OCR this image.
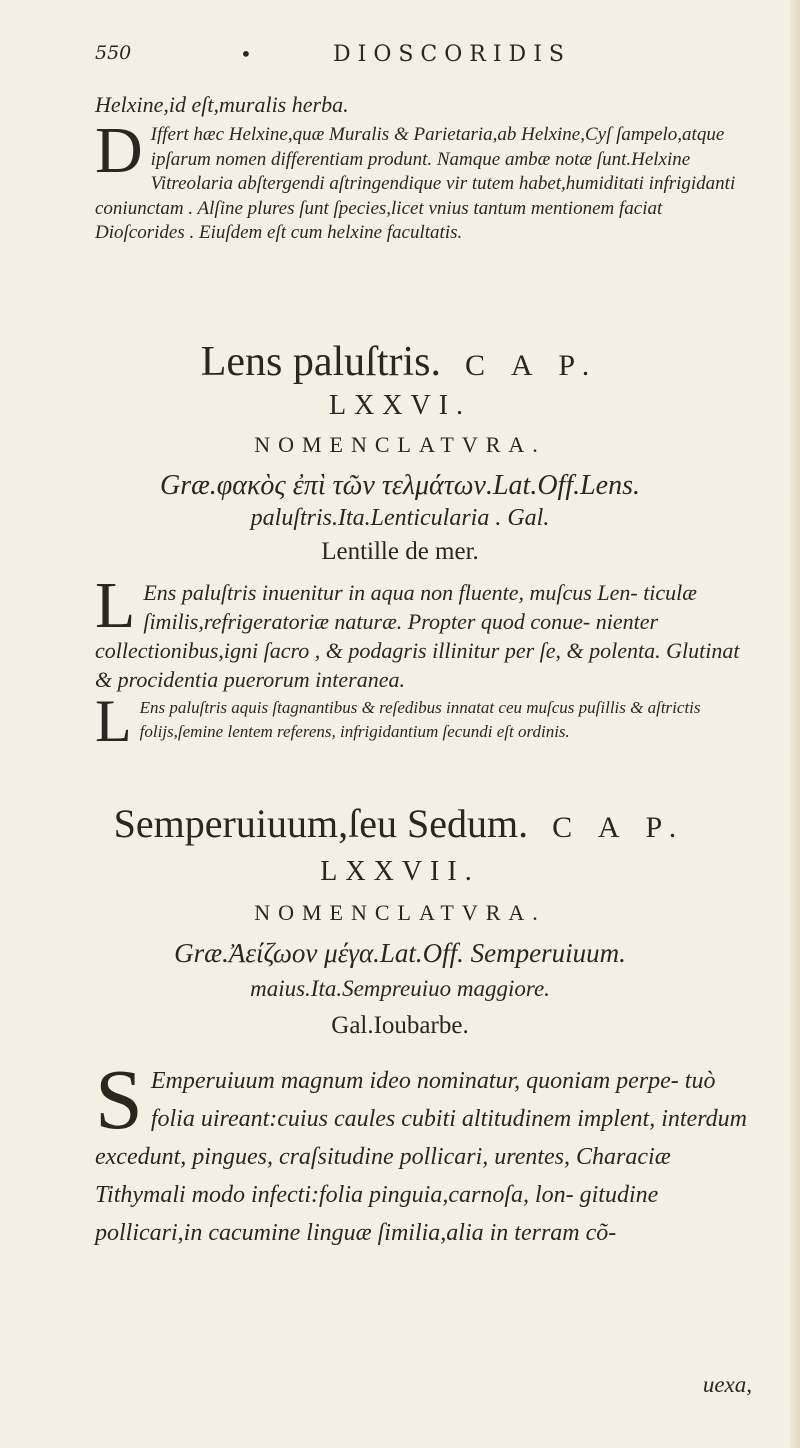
550	•	DIOSCORIDIS
Helxine,id eſt,muralis herba.
D Iffert hæc Helxine,quæ Muralis & Parietaria,ab Helxine,Cyſ ſampelo,atque ipſarum nomen differentiam produnt. Namque ambæ notæ ſunt.Helxine Vitreolaria abſtergendi aſtringendique vir tutem habet,humiditati infrigidanti coniunctam . Alſine plures ſunt ſpecies,licet vnius tantum mentionem faciat Dioſcorides . Eiuſdem eſt cum helxine facultatis.
Lens paluſtris. C A P.
LXXVI.
NOMENCLATVRA.
Græ.φακὸς ἐπὶ τῶν τελμάτων.Lat.Off.Lens.
paluſtris.Ita.Lenticularia . Gal.
Lentille de mer.
L Ens paluſtris inuenitur in aqua non fluente, muſcus Len- ticulæ ſimilis,refrigeratoriæ naturæ. Propter quod conue- nienter collectionibus,igni ſacro , & podagris illinitur per ſe, & polenta. Glutinat & procidentia puerorum interanea.
L Ens paluſtris aquis ſtagnantibus & reſedibus innatat ceu muſcus puſillis & aſtrictis folijs,ſemine lentem referens, infrigidantium ſecundi eſt ordinis.
Semperuiuum,ſeu Sedum. C A P.
LXXVII.
NOMENCLATVRA.
Græ.Ἀείζωον μέγα.Lat.Off. Semperuiuum.
maius.Ita.Sempreuiuo maggiore.
Gal.Ioubarbe.
S Emperuiuum magnum ideo nominatur, quoniam perpe- tuò folia uireant:cuius caules cubiti altitudinem implent, interdum excedunt, pingues, craſsitudine pollicari, urentes, Characiæ Tithymali modo infecti:folia pinguia,carnoſa, lon- gitudine pollicari,in cacumine linguæ ſimilia,alia in terram cõ-
uexa,
